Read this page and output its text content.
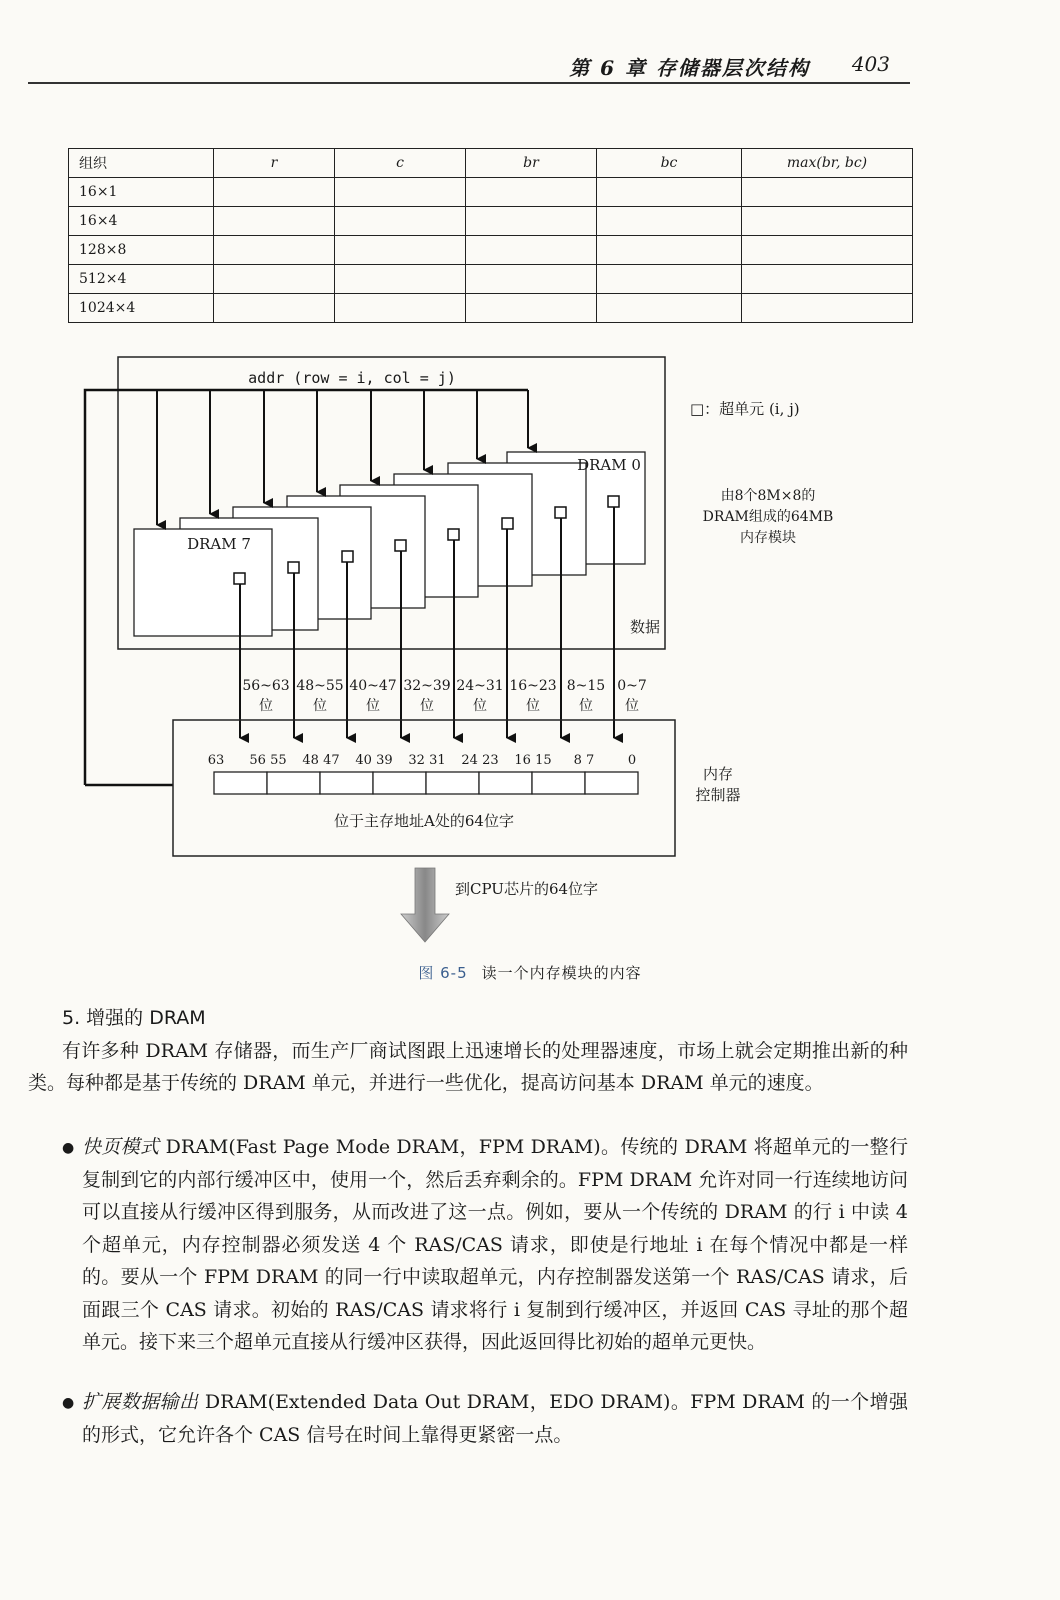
第 6 章 存储器层次结构 403
组织	r	c	br	bc	max(br, bc)
16×1					
16×4					
128×8					
512×4					
1024×4					
addr (row = i, col = j)
DRAM 0
DRAM 7
数据
56~63
位
48~55
位
40~47
位
32~39
位
24~31
位
16~23
位
8~15
位
0~7
位
63 56 55 48 47 40 39 32 31 24 23 16 15 8 7	0
位于主存地址A处的64位字
□：超单元 (i, j)
由8个8M×8的
DRAM组成的64MB
内存模块
内存
控制器
到CPU芯片的64位字
图 6-5 读一个内存模块的内容
5. 增强的 DRAM
有许多种 DRAM 存储器，而生产厂商试图跟上迅速增长的处理器速度，市场上就会定期推出新的种类。每种都是基于传统的 DRAM 单元，并进行一些优化，提高访问基本 DRAM 单元的速度。
● 快页模式 DRAM(Fast Page Mode DRAM，FPM DRAM)。传统的 DRAM 将超单元的一整行复制到它的内部行缓冲区中，使用一个，然后丢弃剩余的。FPM DRAM 允许对同一行连续地访问可以直接从行缓冲区得到服务，从而改进了这一点。例如，要从一个传统的 DRAM 的行 i 中读 4 个超单元，内存控制器必须发送 4 个 RAS/CAS 请求，即使是行地址 i 在每个情况中都是一样的。要从一个 FPM DRAM 的同一行中读取超单元，内存控制器发送第一个 RAS/CAS 请求，后面跟三个 CAS 请求。初始的 RAS/CAS 请求将行 i 复制到行缓冲区，并返回 CAS 寻址的那个超单元。接下来三个超单元直接从行缓冲区获得，因此返回得比初始的超单元更快。
● 扩展数据输出 DRAM(Extended Data Out DRAM，EDO DRAM)。FPM DRAM 的一个增强的形式，它允许各个 CAS 信号在时间上靠得更紧密一点。
